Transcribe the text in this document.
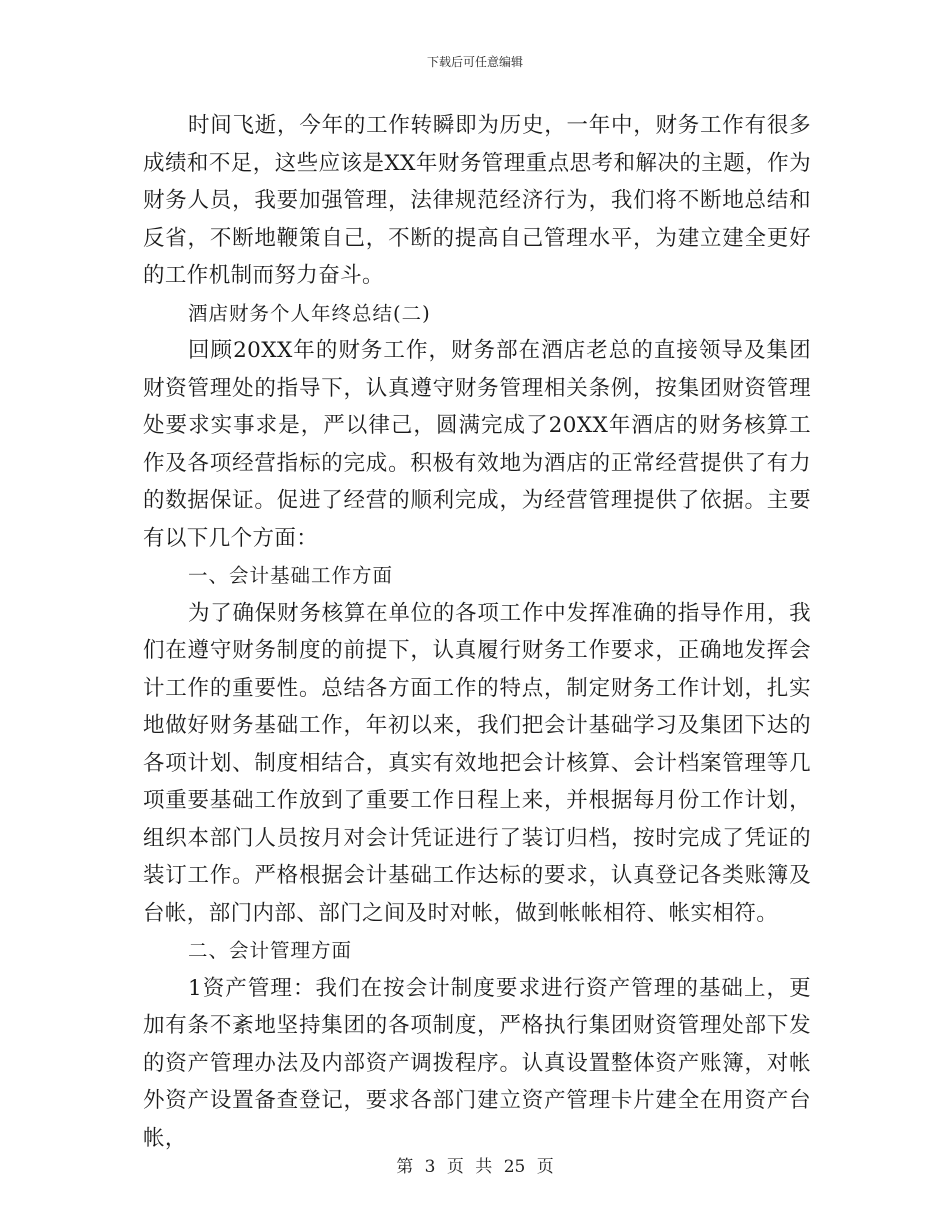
下载后可任意编辑

时间飞逝，今年的工作转瞬即为历史，一年中，财务工作有很多成绩和不足，这些应该是XX年财务管理重点思考和解决的主题，作为财务人员，我要加强管理，法律规范经济行为，我们将不断地总结和反省，不断地鞭策自己，不断的提高自己管理水平，为建立建全更好的工作机制而努力奋斗。

酒店财务个人年终总结(二)

回顾20XX年的财务工作，财务部在酒店老总的直接领导及集团财资管理处的指导下，认真遵守财务管理相关条例，按集团财资管理处要求实事求是，严以律己，圆满完成了20XX年酒店的财务核算工作及各项经营指标的完成。积极有效地为酒店的正常经营提供了有力的数据保证。促进了经营的顺利完成，为经营管理提供了依据。主要有以下几个方面：

一、会计基础工作方面

为了确保财务核算在单位的各项工作中发挥准确的指导作用，我们在遵守财务制度的前提下，认真履行财务工作要求，正确地发挥会计工作的重要性。总结各方面工作的特点，制定财务工作计划，扎实地做好财务基础工作，年初以来，我们把会计基础学习及集团下达的各项计划、制度相结合，真实有效地把会计核算、会计档案管理等几项重要基础工作放到了重要工作日程上来，并根据每月份工作计划，组织本部门人员按月对会计凭证进行了装订归档，按时完成了凭证的装订工作。严格根据会计基础工作达标的要求，认真登记各类账簿及台帐，部门内部、部门之间及时对帐，做到帐帐相符、帐实相符。

二、会计管理方面

1资产管理：我们在按会计制度要求进行资产管理的基础上，更加有条不紊地坚持集团的各项制度，严格执行集团财资管理处部下发的资产管理办法及内部资产调拨程序。认真设置整体资产账簿，对帐外资产设置备查登记，要求各部门建立资产管理卡片建全在用资产台帐，

第 3 页 共 25 页
